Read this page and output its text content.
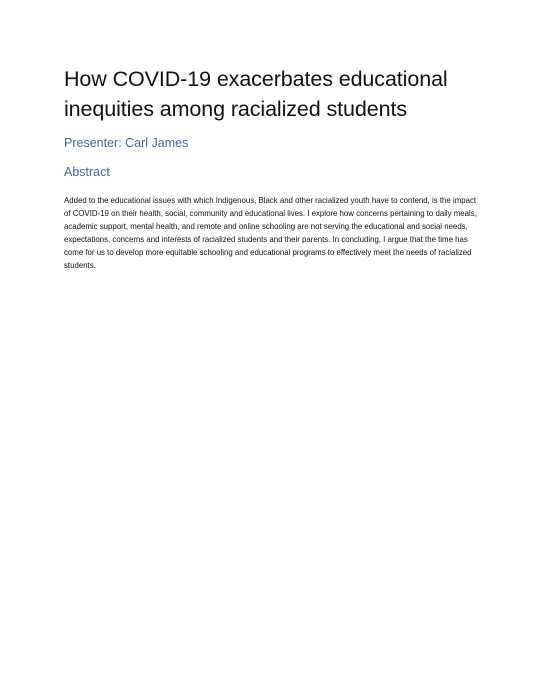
How COVID-19 exacerbates educational inequities among racialized students
Presenter: Carl James
Abstract

Added to the educational issues with which Indigenous, Black and other racialized youth have to contend, is the impact of COVID-19 on their health, social, community and educational lives. I explore how concerns pertaining to daily meals, academic support, mental health, and remote and online schooling are not serving the educational and social needs, expectations, concerns and interests of racialized students and their parents. In concluding, I argue that the time has come for us to develop more equitable schooling and educational programs to effectively meet the needs of racialized students.
